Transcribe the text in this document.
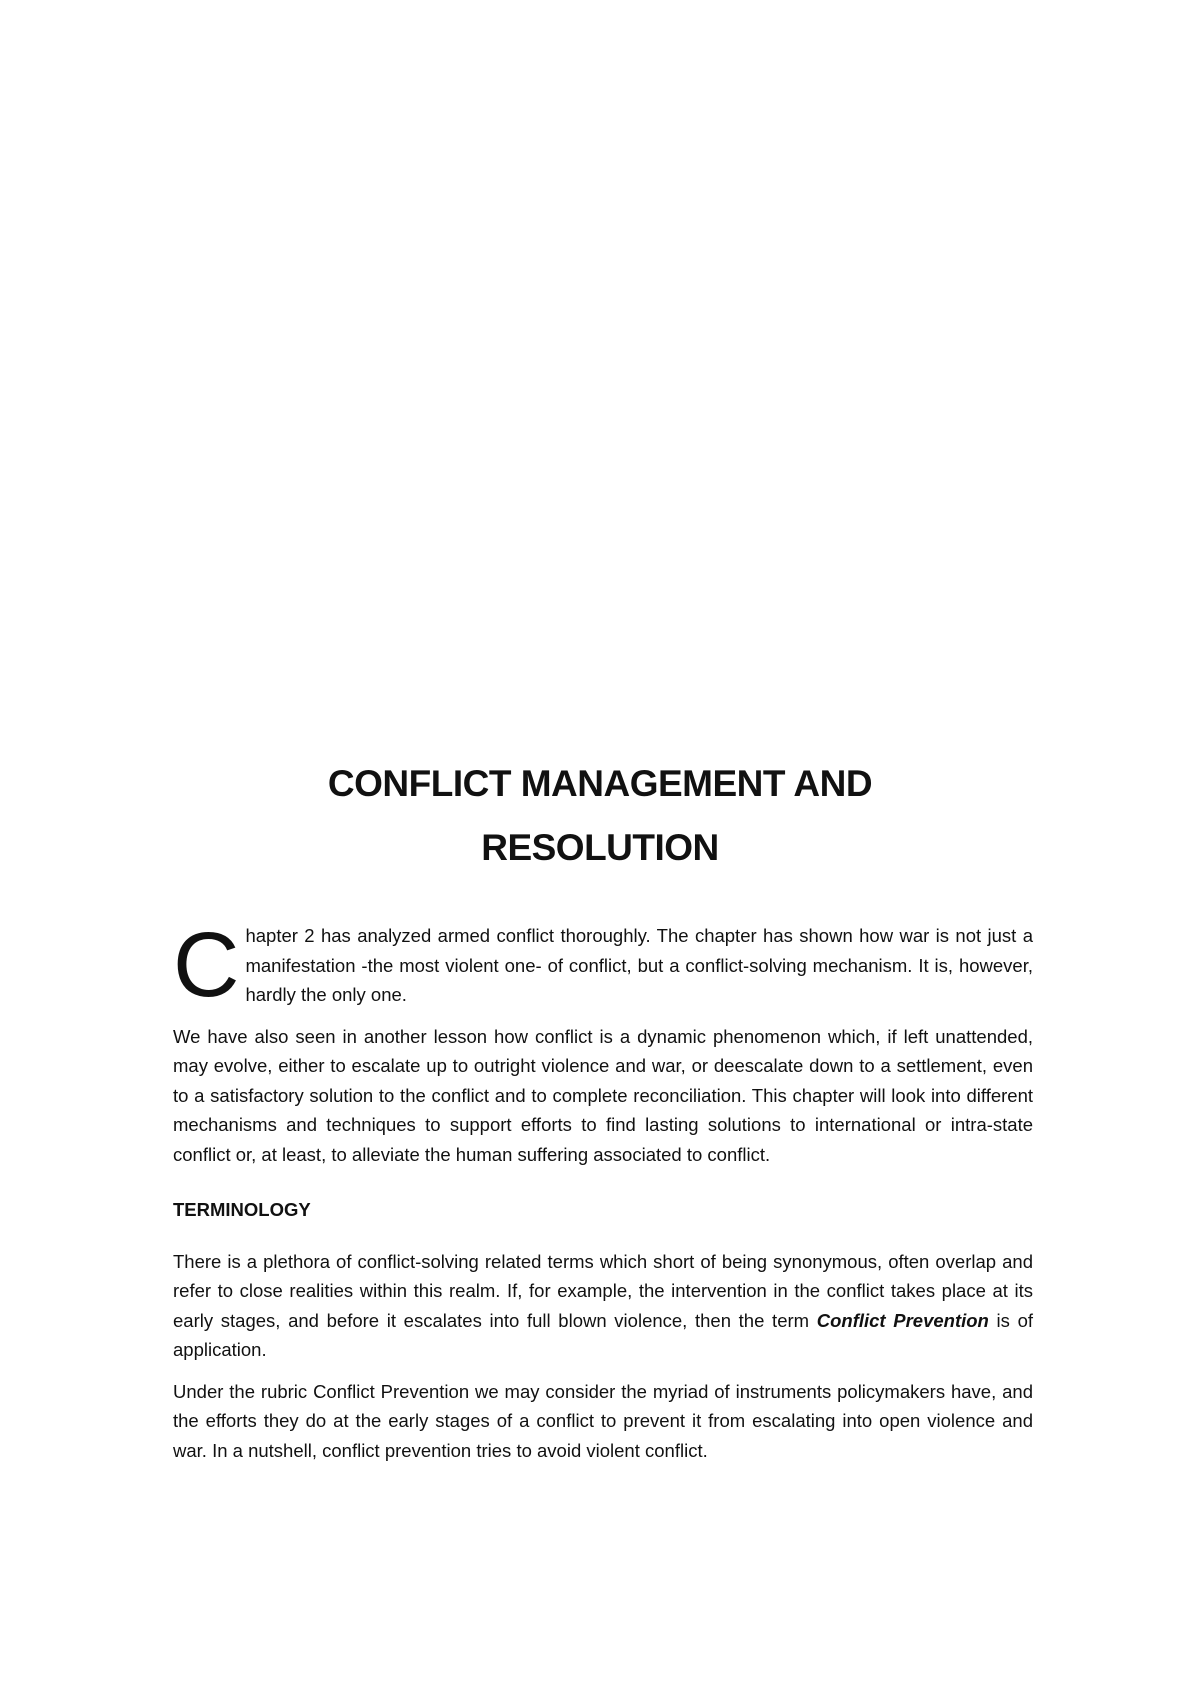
CONFLICT MANAGEMENT AND
RESOLUTION

Chapter 2 has analyzed armed conflict thoroughly. The chapter has shown how war is not just a manifestation -the most violent one- of conflict, but a conflict-solving mechanism. It is, however, hardly the only one.

We have also seen in another lesson how conflict is a dynamic phenomenon which, if left unattended, may evolve, either to escalate up to outright violence and war, or deescalate down to a settlement, even to a satisfactory solution to the conflict and to complete reconciliation. This chapter will look into different mechanisms and techniques to support efforts to find lasting solutions to international or intra-state conflict or, at least, to alleviate the human suffering associated to conflict.

TERMINOLOGY

There is a plethora of conflict-solving related terms which short of being synonymous, often overlap and refer to close realities within this realm. If, for example, the intervention in the conflict takes place at its early stages, and before it escalates into full blown violence, then the term Conflict Prevention is of application.

Under the rubric Conflict Prevention we may consider the myriad of instruments policymakers have, and the efforts they do at the early stages of a conflict to prevent it from escalating into open violence and war. In a nutshell, conflict prevention tries to avoid violent conflict.
